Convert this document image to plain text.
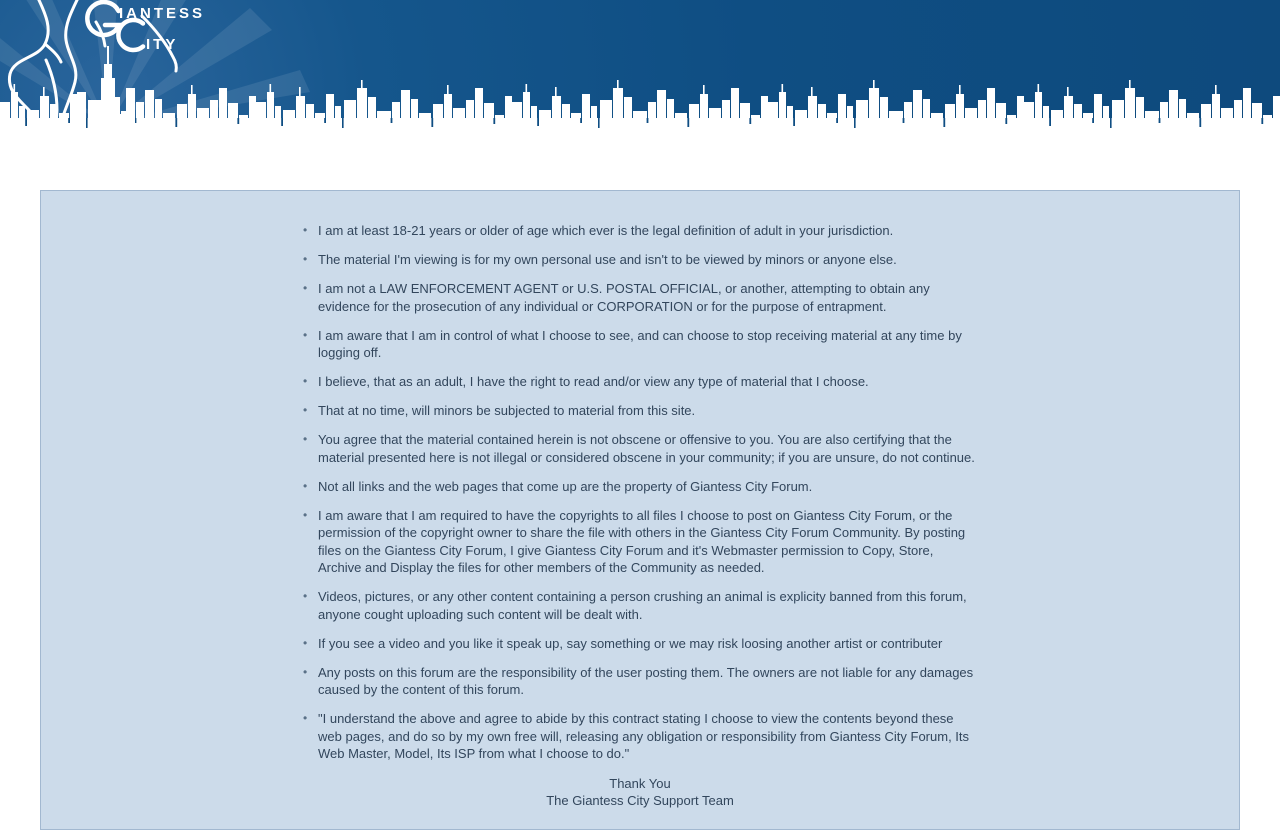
IANTESS
ITY
• I am at least 18-21 years or older of age which ever is the legal definition of adult in your jurisdiction.
• The material I'm viewing is for my own personal use and isn't to be viewed by minors or anyone else.
• I am not a LAW ENFORCEMENT AGENT or U.S. POSTAL OFFICIAL, or another, attempting to obtain any evidence for the prosecution of any individual or CORPORATION or for the purpose of entrapment.
• I am aware that I am in control of what I choose to see, and can choose to stop receiving material at any time by logging off.
• I believe, that as an adult, I have the right to read and/or view any type of material that I choose.
• That at no time, will minors be subjected to material from this site.
• You agree that the material contained herein is not obscene or offensive to you. You are also certifying that the material presented here is not illegal or considered obscene in your community; if you are unsure, do not continue.
• Not all links and the web pages that come up are the property of Giantess City Forum.
• I am aware that I am required to have the copyrights to all files I choose to post on Giantess City Forum, or the permission of the copyright owner to share the file with others in the Giantess City Forum Community. By posting files on the Giantess City Forum, I give Giantess City Forum and it's Webmaster permission to Copy, Store, Archive and Display the files for other members of the Community as needed.
• Videos, pictures, or any other content containing a person crushing an animal is explicity banned from this forum, anyone cought uploading such content will be dealt with.
• If you see a video and you like it speak up, say something or we may risk loosing another artist or contributer
• Any posts on this forum are the responsibility of the user posting them. The owners are not liable for any damages caused by the content of this forum.
• "I understand the above and agree to abide by this contract stating I choose to view the contents beyond these web pages, and do so by my own free will, releasing any obligation or responsibility from Giantess City Forum, Its Web Master, Model, Its ISP from what I choose to do."
Thank You
The Giantess City Support Team
